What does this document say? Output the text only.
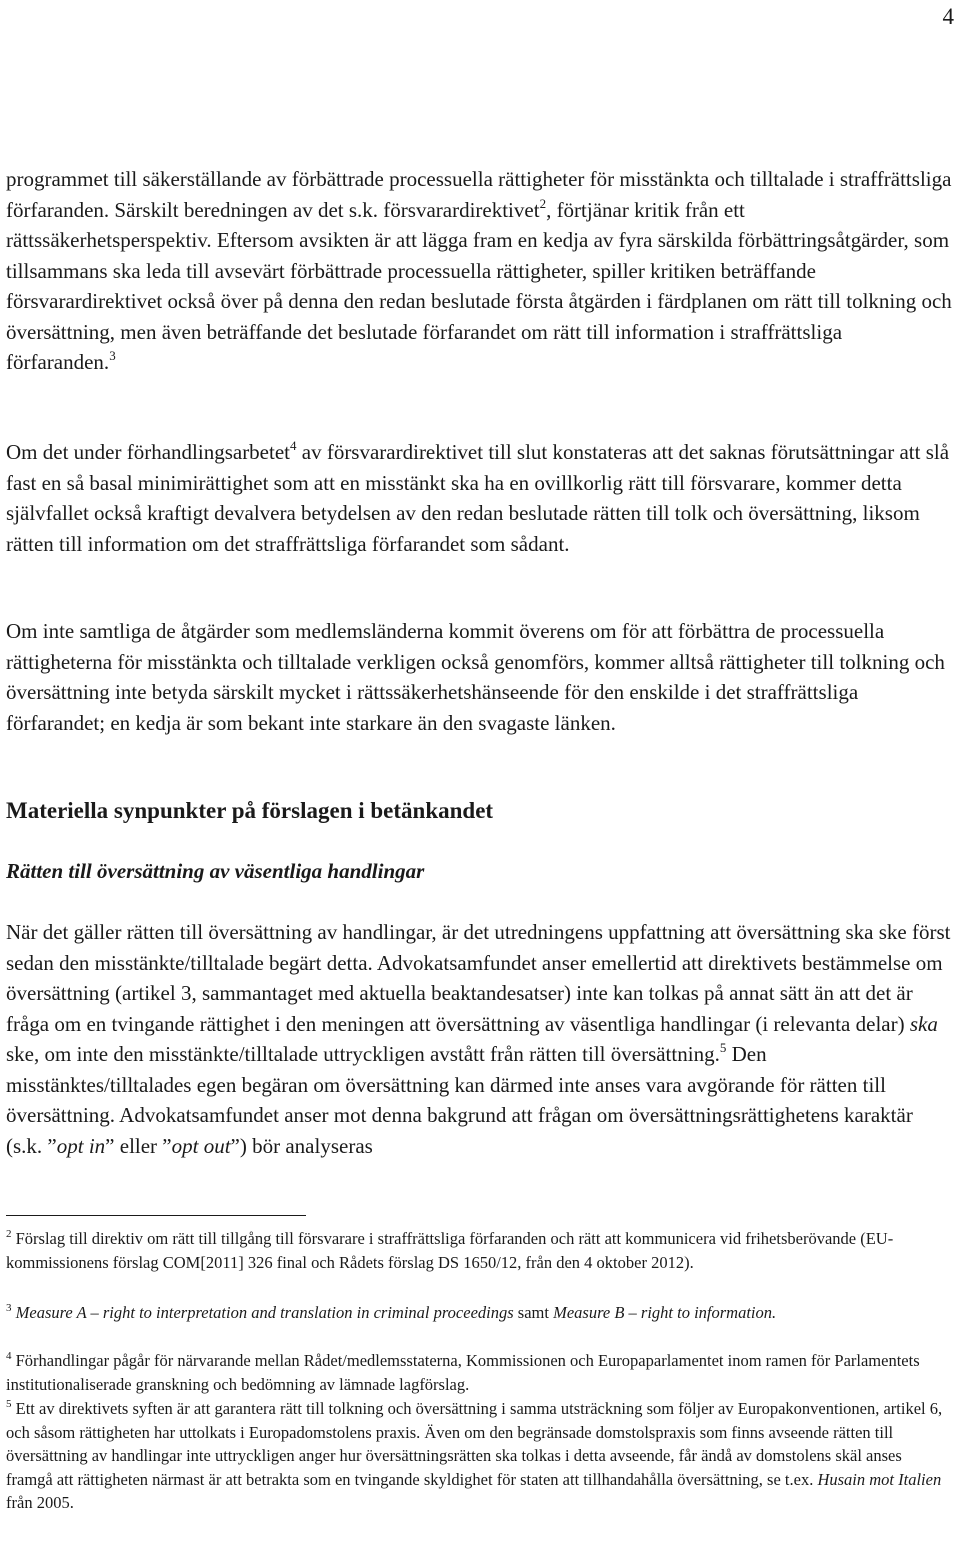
4

programmet till säkerställande av förbättrade processuella rättigheter för misstänkta och tilltalade i straffrättsliga förfaranden. Särskilt beredningen av det s.k. försvarardirektivet$^2$, förtjänar kritik från ett rättssäkerhetsperspektiv. Eftersom avsikten är att lägga fram en kedja av fyra särskilda förbättringsåtgärder, som tillsammans ska leda till avsevärt förbättrade processuella rättigheter, spiller kritiken beträffande försvarardirektivet också över på denna den redan beslutade första åtgärden i färdplanen om rätt till tolkning och översättning, men även beträffande det beslutade förfarandet om rätt till information i straffrättsliga förfaranden.$^3$

Om det under förhandlingsarbetet$^4$ av försvarardirektivet till slut konstateras att det saknas förutsättningar att slå fast en så basal minimirättighet som att en misstänkt ska ha en ovillkorlig rätt till försvarare, kommer detta självfallet också kraftigt devalvera betydelsen av den redan beslutade rätten till tolk och översättning, liksom rätten till information om det straffrättsliga förfarandet som sådant.

Om inte samtliga de åtgärder som medlemsländerna kommit överens om för att förbättra de processuella rättigheterna för misstänkta och tilltalade verkligen också genomförs, kommer alltså rättigheter till tolkning och översättning inte betyda särskilt mycket i rättssäkerhetshänseende för den enskilde i det straffrättsliga förfarandet; en kedja är som bekant inte starkare än den svagaste länken.

Materiella synpunkter på förslagen i betänkandet
Rätten till översättning av väsentliga handlingar

När det gäller rätten till översättning av handlingar, är det utredningens uppfattning att översättning ska ske först sedan den misstänkte/tilltalade begärt detta. Advokatsamfundet anser emellertid att direktivets bestämmelse om översättning (artikel 3, sammantaget med aktuella beaktandesatser) inte kan tolkas på annat sätt än att det är fråga om en tvingande rättighet i den meningen att översättning av väsentliga handlingar (i relevanta delar) ska ske, om inte den misstänkte/tilltalade uttryckligen avstått från rätten till översättning.$^5$ Den misstänktes/tilltalades egen begäran om översättning kan därmed inte anses vara avgörande för rätten till översättning. Advokatsamfundet anser mot denna bakgrund att frågan om översättningsrättighetens karaktär (s.k. ”opt in” eller ”opt out”) bör analyseras

$^2$ Förslag till direktiv om rätt till tillgång till försvarare i straffrättsliga förfaranden och rätt att kommunicera vid frihetsberövande (EU-kommissionens förslag COM[2011] 326 final och Rådets förslag DS 1650/12, från den 4 oktober 2012).

$^3$ Measure A – right to interpretation and translation in criminal proceedings samt Measure B – right to information.

$^4$ Förhandlingar pågår för närvarande mellan Rådet/medlemsstaterna, Kommissionen och Europaparlamentet inom ramen för Parlamentets institutionaliserade granskning och bedömning av lämnade lagförslag.

$^5$ Ett av direktivets syften är att garantera rätt till tolkning och översättning i samma utsträckning som följer av Europakonventionen, artikel 6, och såsom rättigheten har uttolkats i Europadomstolens praxis. Även om den begränsade domstolspraxis som finns avseende rätten till översättning av handlingar inte uttryckligen anger hur översättningsrätten ska tolkas i detta avseende, får ändå av domstolens skäl anses framgå att rättigheten närmast är att betrakta som en tvingande skyldighet för staten att tillhandahålla översättning, se t.ex. Husain mot Italien från 2005.
